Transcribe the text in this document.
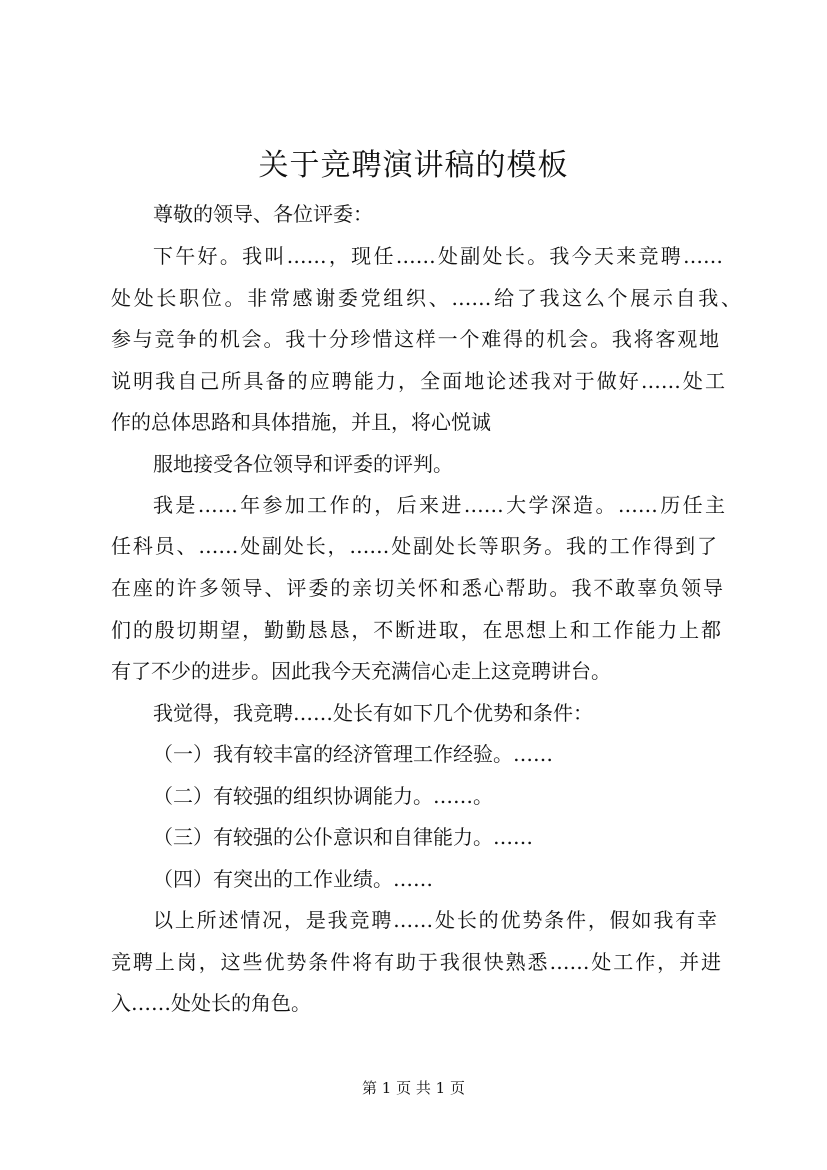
关于竞聘演讲稿的模板
尊敬的领导、各位评委：
下午好。我叫……，现任……处副处长。我今天来竞聘……
处处长职位。非常感谢委党组织、……给了我这么个展示自我、
参与竞争的机会。我十分珍惜这样一个难得的机会。我将客观地
说明我自己所具备的应聘能力，全面地论述我对于做好……处工
作的总体思路和具体措施，并且，将心悦诚
服地接受各位领导和评委的评判。
我是……年参加工作的，后来进……大学深造。……历任主
任科员、……处副处长，……处副处长等职务。我的工作得到了
在座的许多领导、评委的亲切关怀和悉心帮助。我不敢辜负领导
们的殷切期望，勤勤恳恳，不断进取，在思想上和工作能力上都
有了不少的进步。因此我今天充满信心走上这竞聘讲台。
我觉得，我竞聘……处长有如下几个优势和条件：
（一）我有较丰富的经济管理工作经验。……
（二）有较强的组织协调能力。……。
（三）有较强的公仆意识和自律能力。……
（四）有突出的工作业绩。……
以上所述情况，是我竞聘……处长的优势条件，假如我有幸
竞聘上岗，这些优势条件将有助于我很快熟悉……处工作，并进
入……处处长的角色。
第 1 页 共 1 页
